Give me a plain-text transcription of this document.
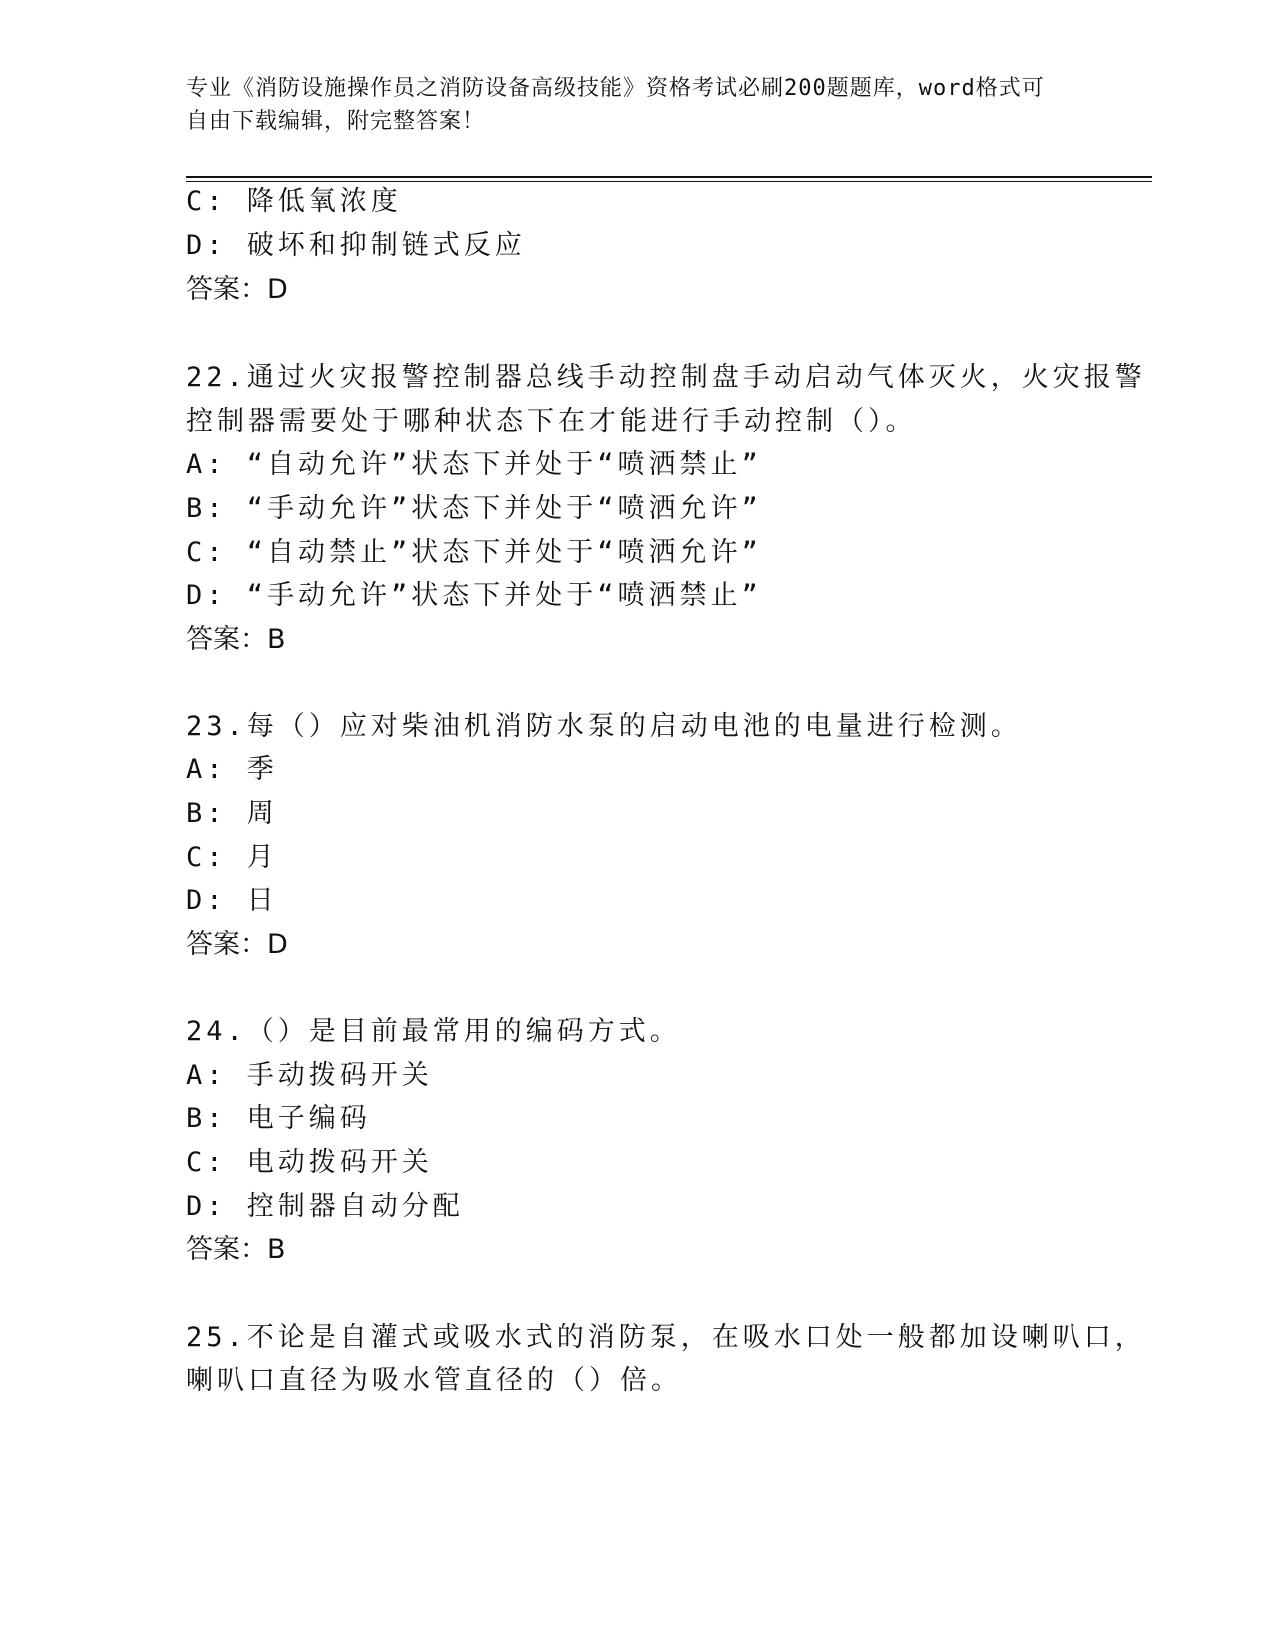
专业《消防设施操作员之消防设备高级技能》资格考试必刷200题题库，word格式可自由下载编辑，附完整答案！
C: 降低氧浓度
D: 破坏和抑制链式反应
答案：D
22.通过火灾报警控制器总线手动控制盘手动启动气体灭火，火灾报警
控制器需要处于哪种状态下在才能进行手动控制（）。
A: “自动允许”状态下并处于“喷洒禁止”
B: “手动允许”状态下并处于“喷洒允许”
C: “自动禁止”状态下并处于“喷洒允许”
D: “手动允许”状态下并处于“喷洒禁止”
答案：B
23.每（）应对柴油机消防水泵的启动电池的电量进行检测。
A: 季
B: 周
C: 月
D: 日
答案：D
24.（）是目前最常用的编码方式。
A: 手动拨码开关
B: 电子编码
C: 电动拨码开关
D: 控制器自动分配
答案：B
25.不论是自灌式或吸水式的消防泵，在吸水口处一般都加设喇叭口，
喇叭口直径为吸水管直径的（）倍。
